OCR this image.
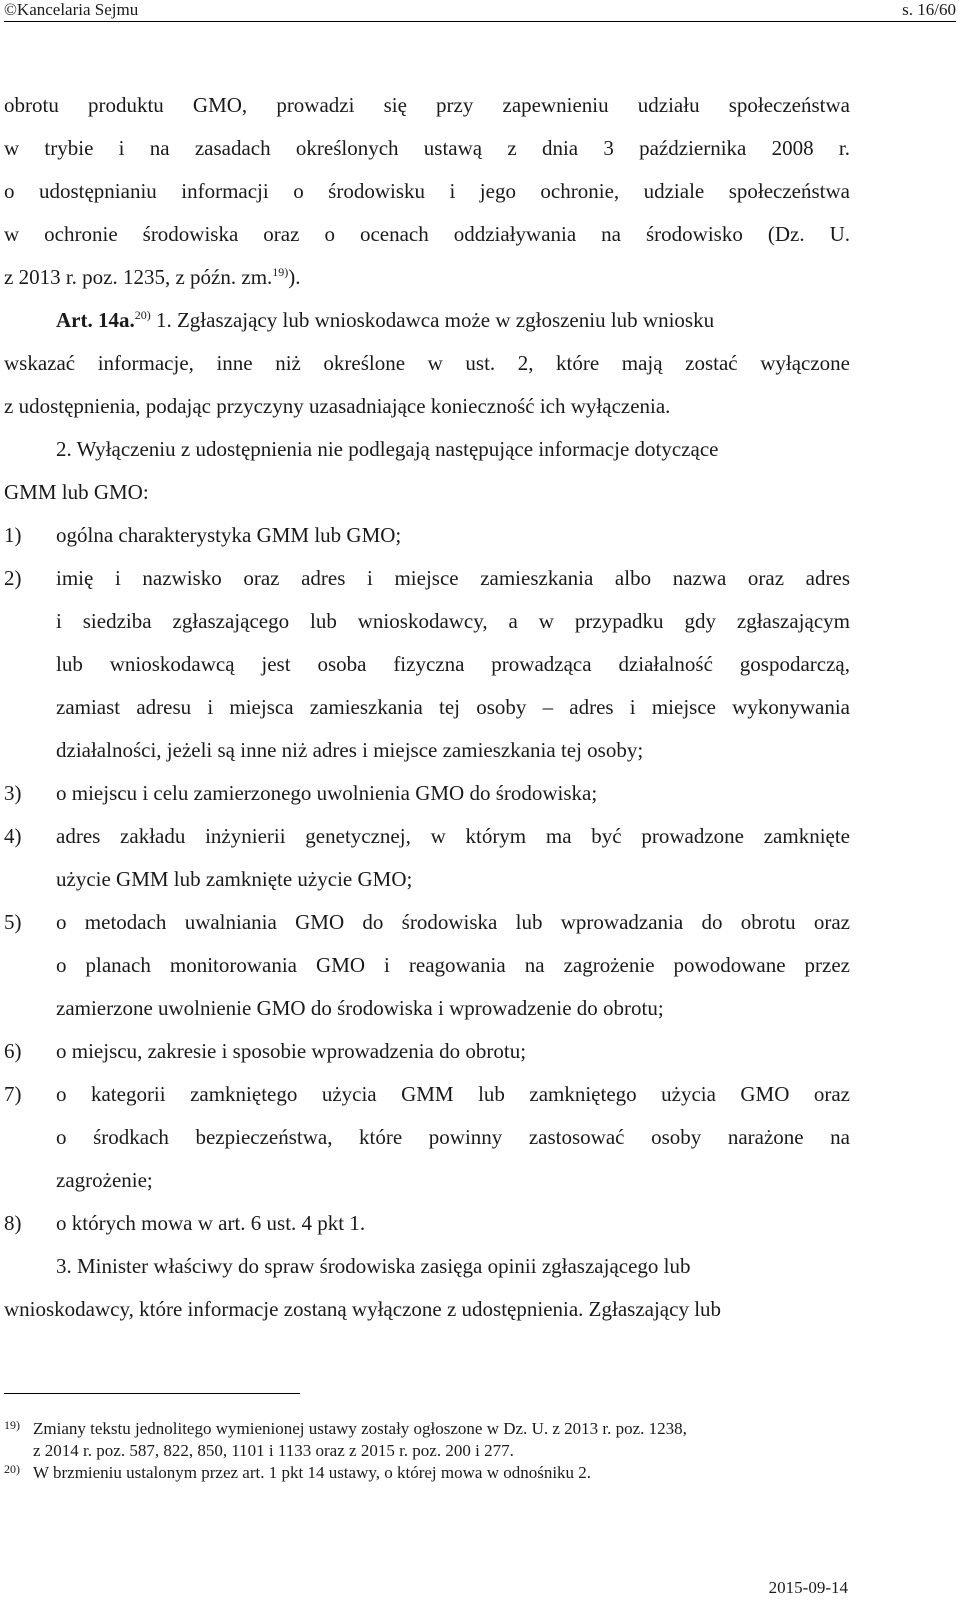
©Kancelaria Sejmu	s. 16/60
obrotu produktu GMO, prowadzi się przy zapewnieniu udziału społeczeństwa
w trybie i na zasadach określonych ustawą z dnia 3 października 2008 r.
o udostępnianiu informacji o środowisku i jego ochronie, udziale społeczeństwa
w ochronie środowiska oraz o ocenach oddziaływania na środowisko (Dz. U.
z 2013 r. poz. 1235, z późn. zm.$^{19)}$).
Art. 14a.$^{20)}$ 1. Zgłaszający lub wnioskodawca może w zgłoszeniu lub wniosku
wskazać informacje, inne niż określone w ust. 2, które mają zostać wyłączone
z udostępnienia, podając przyczyny uzasadniające konieczność ich wyłączenia.
2. Wyłączeniu z udostępnienia nie podlegają następujące informacje dotyczące
GMM lub GMO:
1)	ogólna charakterystyka GMM lub GMO;
2)	imię i nazwisko oraz adres i miejsce zamieszkania albo nazwa oraz adres
i siedziba zgłaszającego lub wnioskodawcy, a w przypadku gdy zgłaszającym
lub wnioskodawcą jest osoba fizyczna prowadząca działalność gospodarczą,
zamiast adresu i miejsca zamieszkania tej osoby – adres i miejsce wykonywania
działalności, jeżeli są inne niż adres i miejsce zamieszkania tej osoby;
3)	o miejscu i celu zamierzonego uwolnienia GMO do środowiska;
4)	adres zakładu inżynierii genetycznej, w którym ma być prowadzone zamknięte
użycie GMM lub zamknięte użycie GMO;
5)	o metodach uwalniania GMO do środowiska lub wprowadzania do obrotu oraz
o planach monitorowania GMO i reagowania na zagrożenie powodowane przez
zamierzone uwolnienie GMO do środowiska i wprowadzenie do obrotu;
6)	o miejscu, zakresie i sposobie wprowadzenia do obrotu;
7)	o kategorii zamkniętego użycia GMM lub zamkniętego użycia GMO oraz
o środkach bezpieczeństwa, które powinny zastosować osoby narażone na
zagrożenie;
8)	o których mowa w art. 6 ust. 4 pkt 1.
3. Minister właściwy do spraw środowiska zasięga opinii zgłaszającego lub
wnioskodawcy, które informacje zostaną wyłączone z udostępnienia. Zgłaszający lub
19) Zmiany tekstu jednolitego wymienionej ustawy zostały ogłoszone w Dz. U. z 2013 r. poz. 1238,
z 2014 r. poz. 587, 822, 850, 1101 i 1133 oraz z 2015 r. poz. 200 i 277.
20) W brzmieniu ustalonym przez art. 1 pkt 14 ustawy, o której mowa w odnośniku 2.
2015-09-14
